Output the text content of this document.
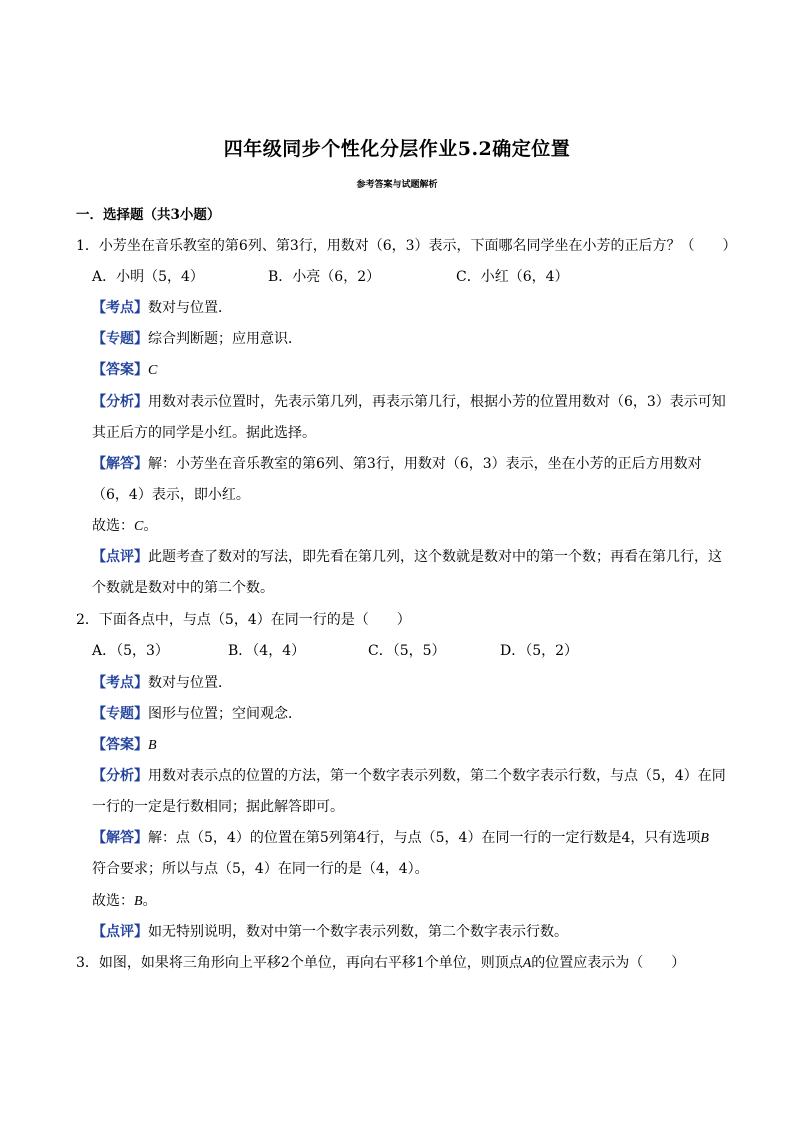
四年级同步个性化分层作业5.2确定位置
参考答案与试题解析
一．选择题（共3小题）
1．小芳坐在音乐教室的第6列、第3行，用数对（6，3）表示，下面哪名同学坐在小芳的正后方？（　　）
A．小明（5，4）	B．小亮（6，2）	C．小红（6，4）
【考点】数对与位置．
【专题】综合判断题；应用意识．
【答案】C
【分析】用数对表示位置时，先表示第几列，再表示第几行，根据小芳的位置用数对（6，3）表示可知
其正后方的同学是小红。据此选择。
【解答】解：小芳坐在音乐教室的第6列、第3行，用数对（6，3）表示，坐在小芳的正后方用数对
（6，4）表示，即小红。
故选：C。
【点评】此题考查了数对的写法，即先看在第几列，这个数就是数对中的第一个数；再看在第几行，这
个数就是数对中的第二个数。
2．下面各点中，与点（5，4）在同一行的是（　　）
A．（5，3）	B．（4，4）	C．（5，5）	D．（5，2）
【考点】数对与位置．
【专题】图形与位置；空间观念．
【答案】B
【分析】用数对表示点的位置的方法，第一个数字表示列数，第二个数字表示行数，与点（5，4）在同
一行的一定是行数相同；据此解答即可。
【解答】解：点（5，4）的位置在第5列第4行，与点（5，4）在同一行的一定行数是4，只有选项B
符合要求；所以与点（5，4）在同一行的是（4，4）。
故选：B。
【点评】如无特别说明，数对中第一个数字表示列数，第二个数字表示行数。
3．如图，如果将三角形向上平移2个单位，再向右平移1个单位，则顶点A的位置应表示为（　　）
